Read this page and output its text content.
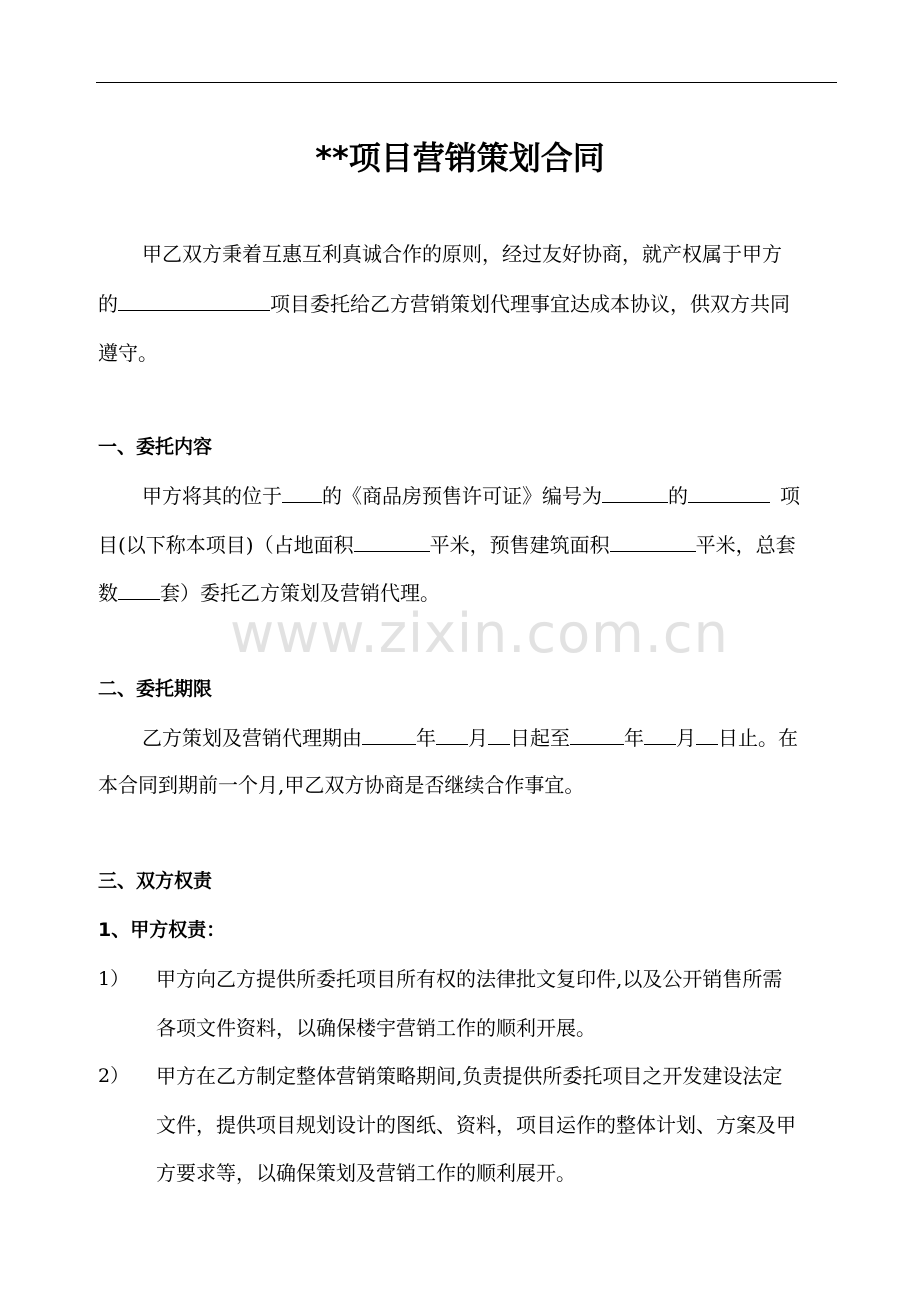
**项目营销策划合同
甲乙双方秉着互惠互利真诚合作的原则，经过友好协商，就产权属于甲方
的	项目委托给乙方营销策划代理事宜达成本协议，供双方共同
遵守。
一、委托内容
甲方将其的位于 的《商品房预售许可证》编号为	的	项
目(以下称本项目)（占地面积	平米，预售建筑面积	平米，总套
数 套）委托乙方策划及营销代理。
www.zixin.com.cn
二、委托期限
乙方策划及营销代理期由	年 月 日起至	年 月 日止。在
本合同到期前一个月,甲乙双方协商是否继续合作事宜。
三、双方权责
1、甲方权责：
1） 甲方向乙方提供所委托项目所有权的法律批文复印件,以及公开销售所需
各项文件资料，以确保楼宇营销工作的顺利开展。
2） 甲方在乙方制定整体营销策略期间,负责提供所委托项目之开发建设法定
文件，提供项目规划设计的图纸、资料，项目运作的整体计划、方案及甲
方要求等，以确保策划及营销工作的顺利展开。
